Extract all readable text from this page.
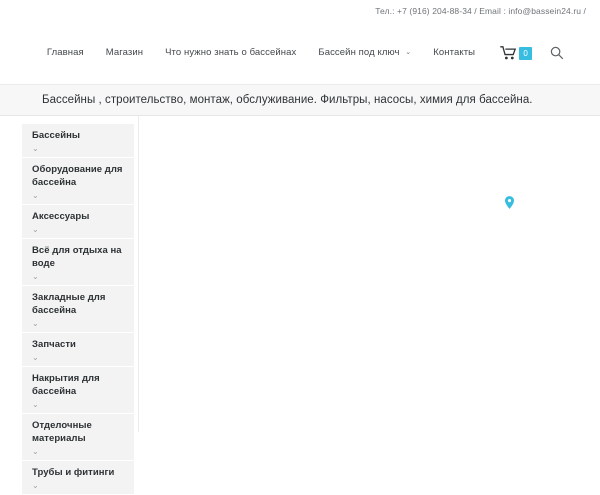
Тел.: +7 (916) 204-88-34 / Email : info@bassein24.ru /
Главная	Магазин	Что нужно знать о бассейнах	Бассейн под ключ ⌄	Контакты	0
Бассейны , строительство, монтаж, обслуживание. Фильтры, насосы, химия для бассейна.
Бассейны
⌄
Оборудование для бассейна
⌄
Аксессуары
⌄
Всё для отдыха на воде
⌄
Закладные для бассейна
⌄
Запчасти
⌄
Накрытия для бассейна
⌄
Отделочные материалы
⌄
Трубы и фитинги
⌄
